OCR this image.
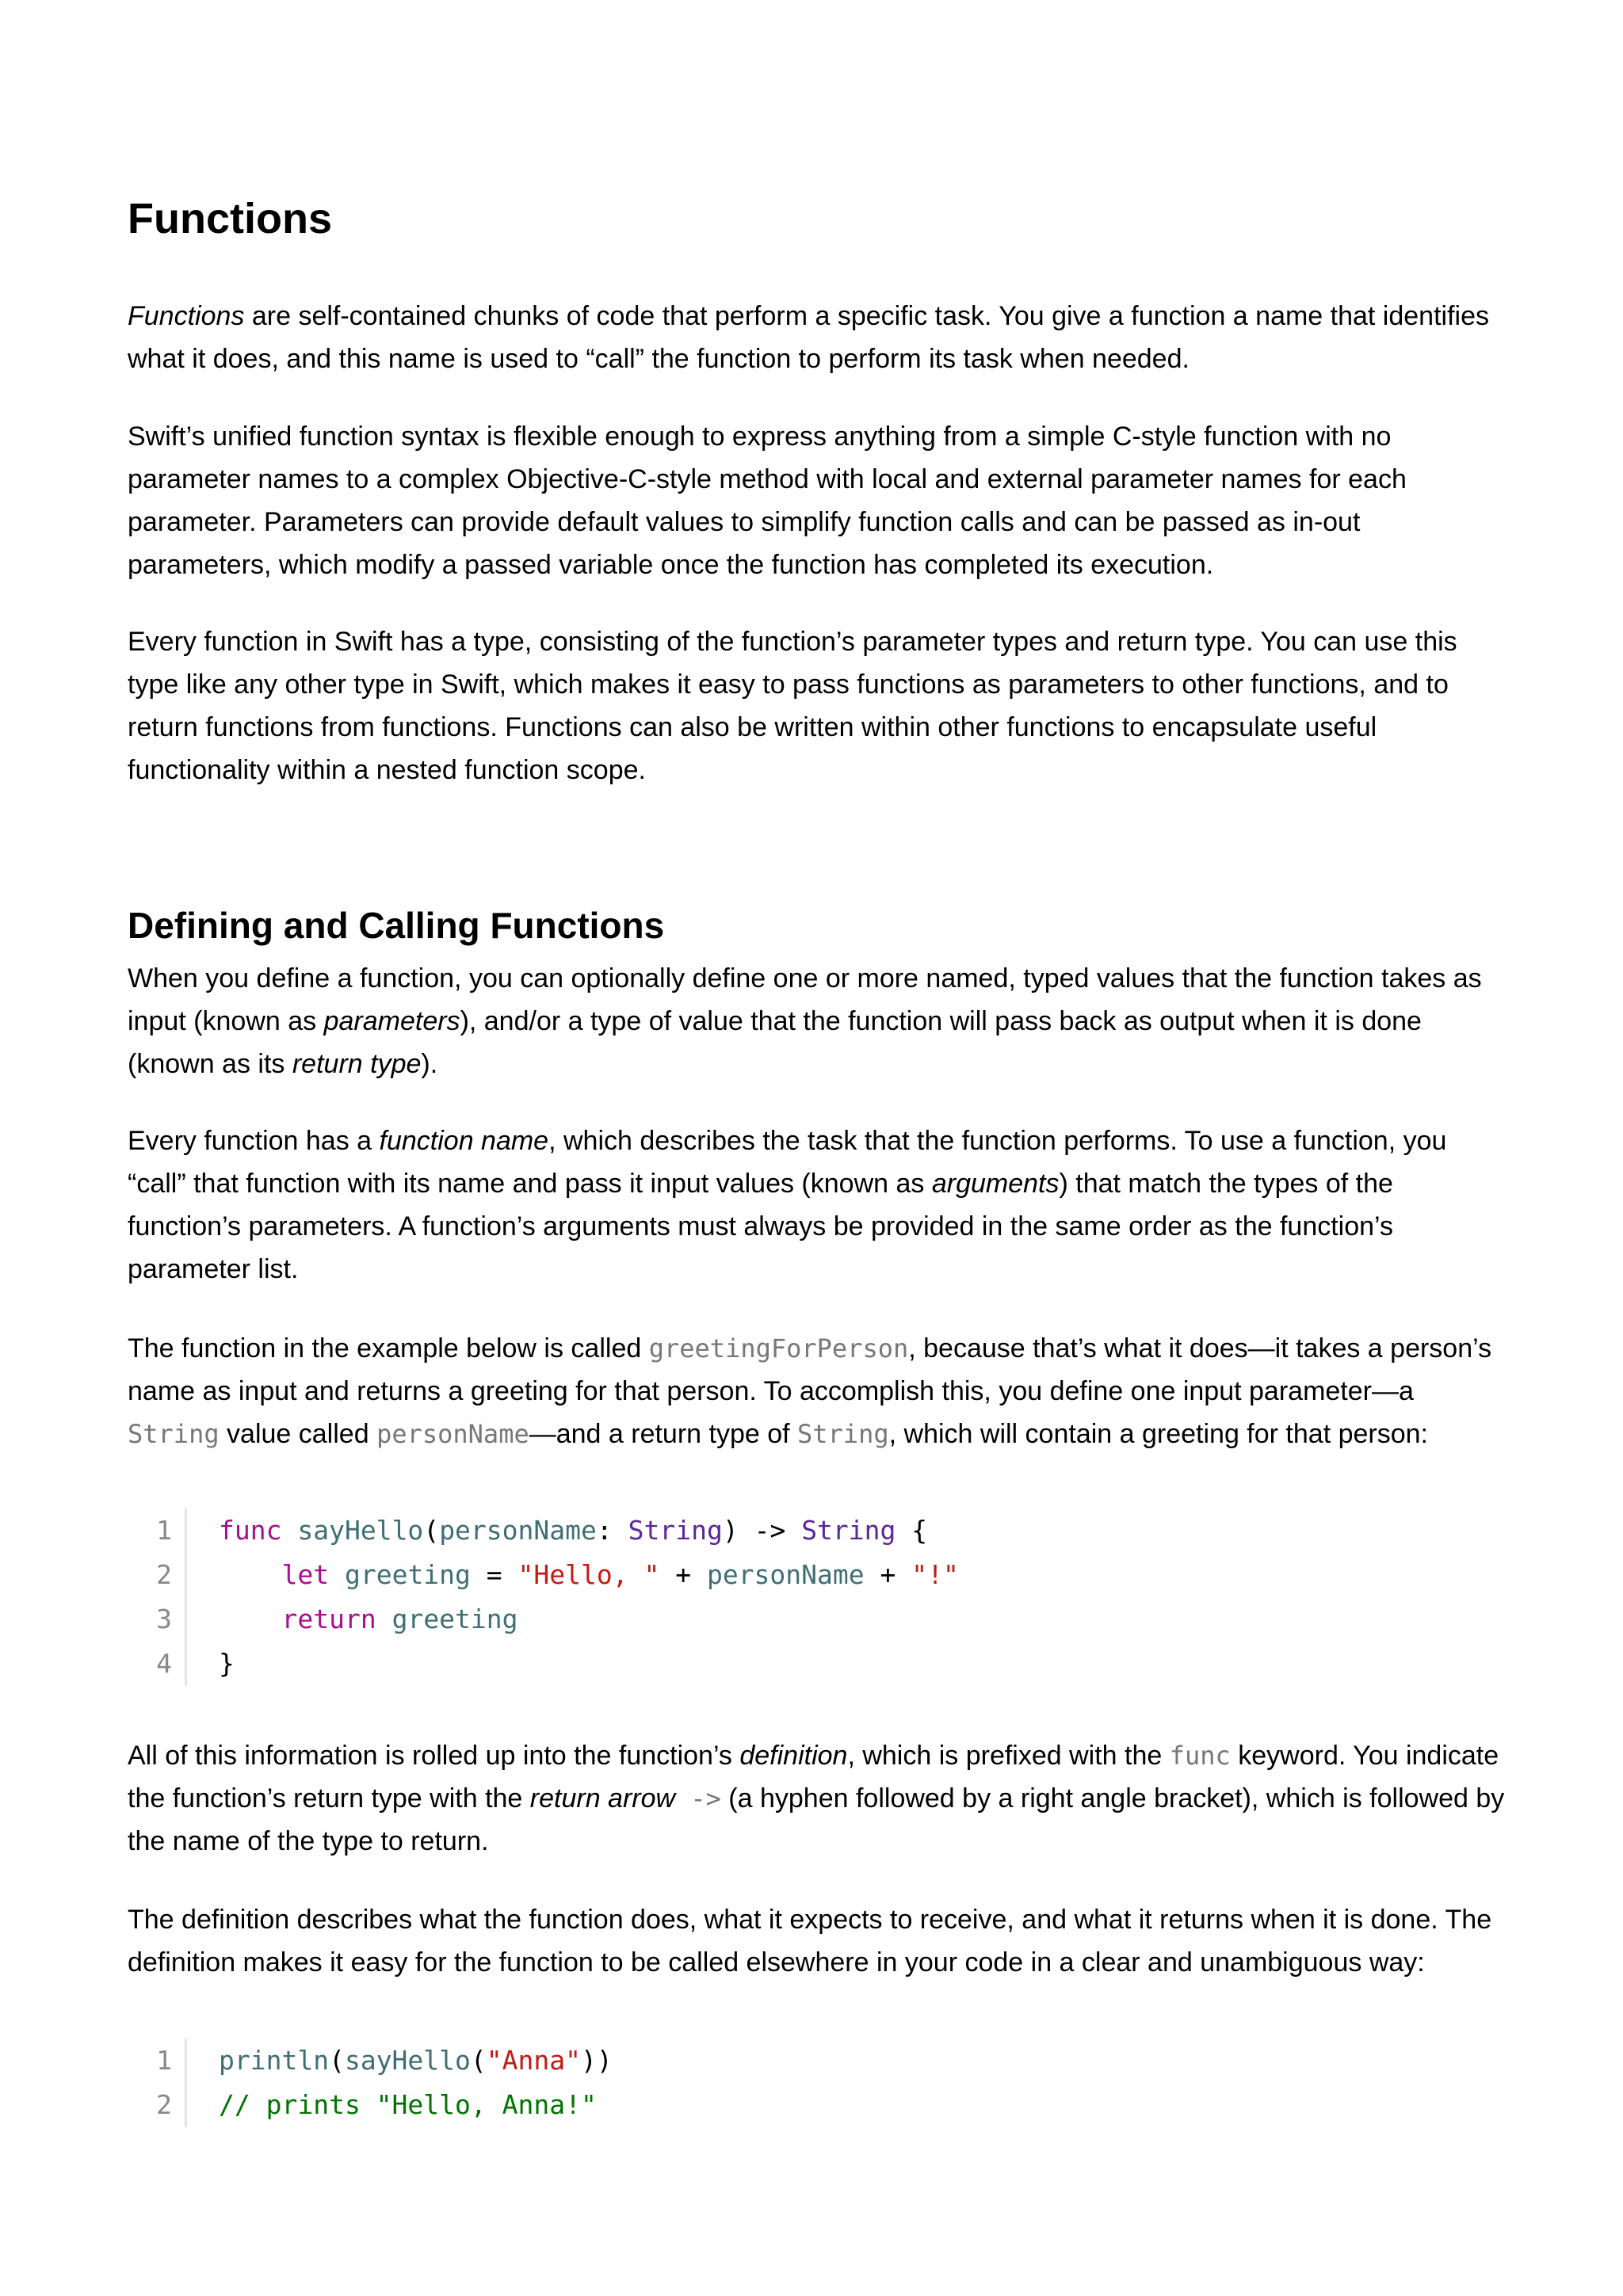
Functions

Functions are self-contained chunks of code that perform a specific task. You give a function a name that identifies what it does, and this name is used to “call” the function to perform its task when needed.

Swift’s unified function syntax is flexible enough to express anything from a simple C-style function with no parameter names to a complex Objective-C-style method with local and external parameter names for each parameter. Parameters can provide default values to simplify function calls and can be passed as in-out parameters, which modify a passed variable once the function has completed its execution.

Every function in Swift has a type, consisting of the function’s parameter types and return type. You can use this type like any other type in Swift, which makes it easy to pass functions as parameters to other functions, and to return functions from functions. Functions can also be written within other functions to encapsulate useful functionality within a nested function scope.

Defining and Calling Functions

When you define a function, you can optionally define one or more named, typed values that the function takes as input (known as parameters), and/or a type of value that the function will pass back as output when it is done (known as its return type).

Every function has a function name, which describes the task that the function performs. To use a function, you “call” that function with its name and pass it input values (known as arguments) that match the types of the function’s parameters. A function’s arguments must always be provided in the same order as the function’s parameter list.

The function in the example below is called greetingForPerson, because that’s what it does—it takes a person’s name as input and returns a greeting for that person. To accomplish this, you define one input parameter—a String value called personName—and a return type of String, which will contain a greeting for that person:

1	func sayHello(personName: String) -> String {
2	let greeting = "Hello, " + personName + "!"
3	return greeting
4	}

All of this information is rolled up into the function’s definition, which is prefixed with the func keyword. You indicate the function’s return type with the return arrow -> (a hyphen followed by a right angle bracket), which is followed by the name of the type to return.

The definition describes what the function does, what it expects to receive, and what it returns when it is done. The definition makes it easy for the function to be called elsewhere in your code in a clear and unambiguous way:

1	println(sayHello("Anna"))
2	// prints "Hello, Anna!"
